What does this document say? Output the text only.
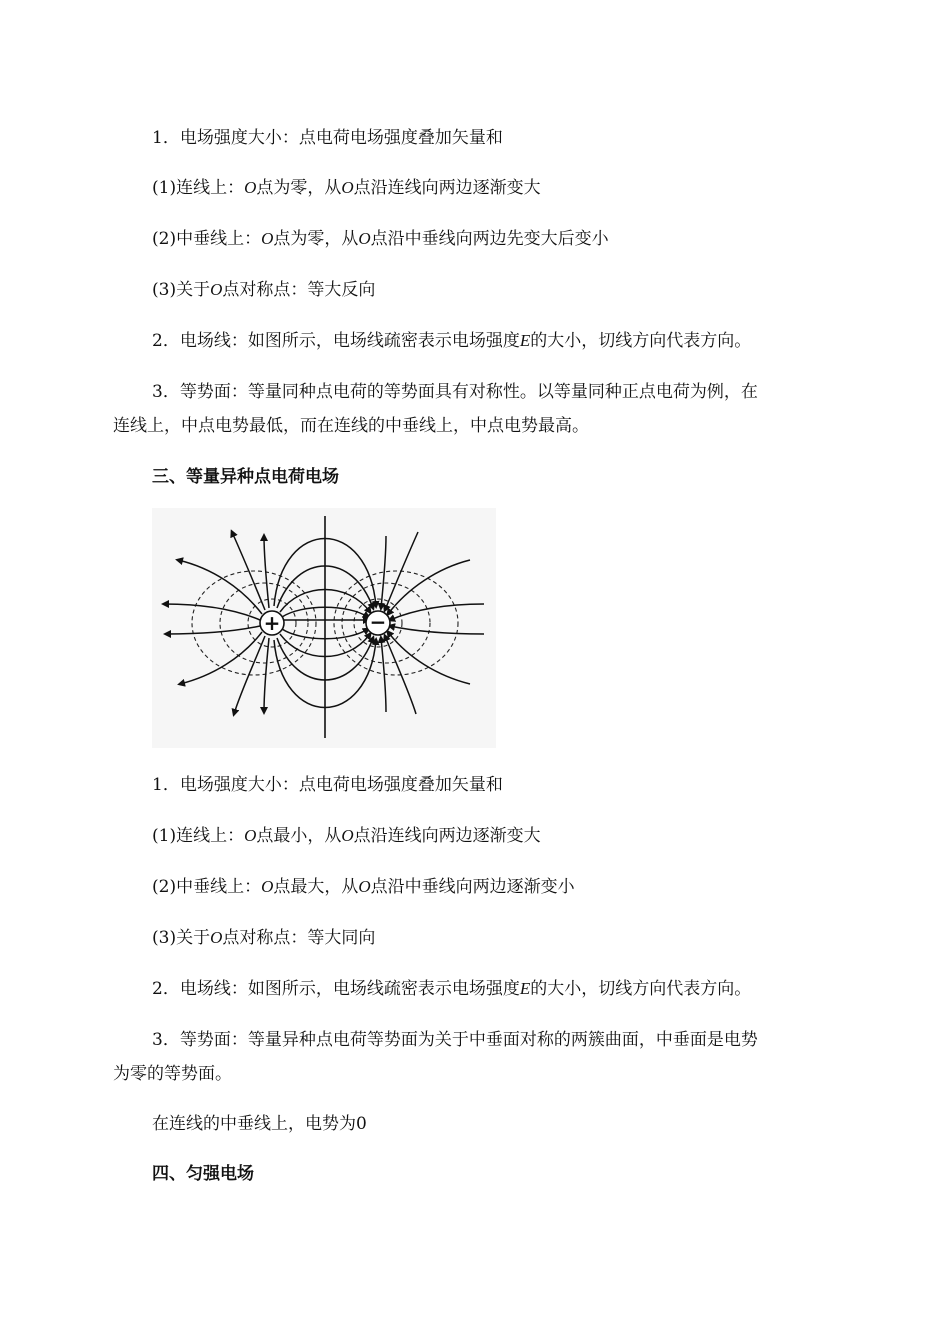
1．电场强度大小：点电荷电场强度叠加矢量和
(1)连线上：O点为零，从O点沿连线向两边逐渐变大
(2)中垂线上：O点为零，从O点沿中垂线向两边先变大后变小
(3)关于O点对称点：等大反向
2．电场线：如图所示，电场线疏密表示电场强度E的大小，切线方向代表方向。
3．等势面：等量同种点电荷的等势面具有对称性。以等量同种正点电荷为例，在
连线上，中点电势最低，而在连线的中垂线上，中点电势最高。
三、等量异种点电荷电场
+	−
1．电场强度大小：点电荷电场强度叠加矢量和
(1)连线上：O点最小，从O点沿连线向两边逐渐变大
(2)中垂线上：O点最大，从O点沿中垂线向两边逐渐变小
(3)关于O点对称点：等大同向
2．电场线：如图所示，电场线疏密表示电场强度E的大小，切线方向代表方向。
3．等势面：等量异种点电荷等势面为关于中垂面对称的两簇曲面，中垂面是电势
为零的等势面。
在连线的中垂线上，电势为0
四、匀强电场
